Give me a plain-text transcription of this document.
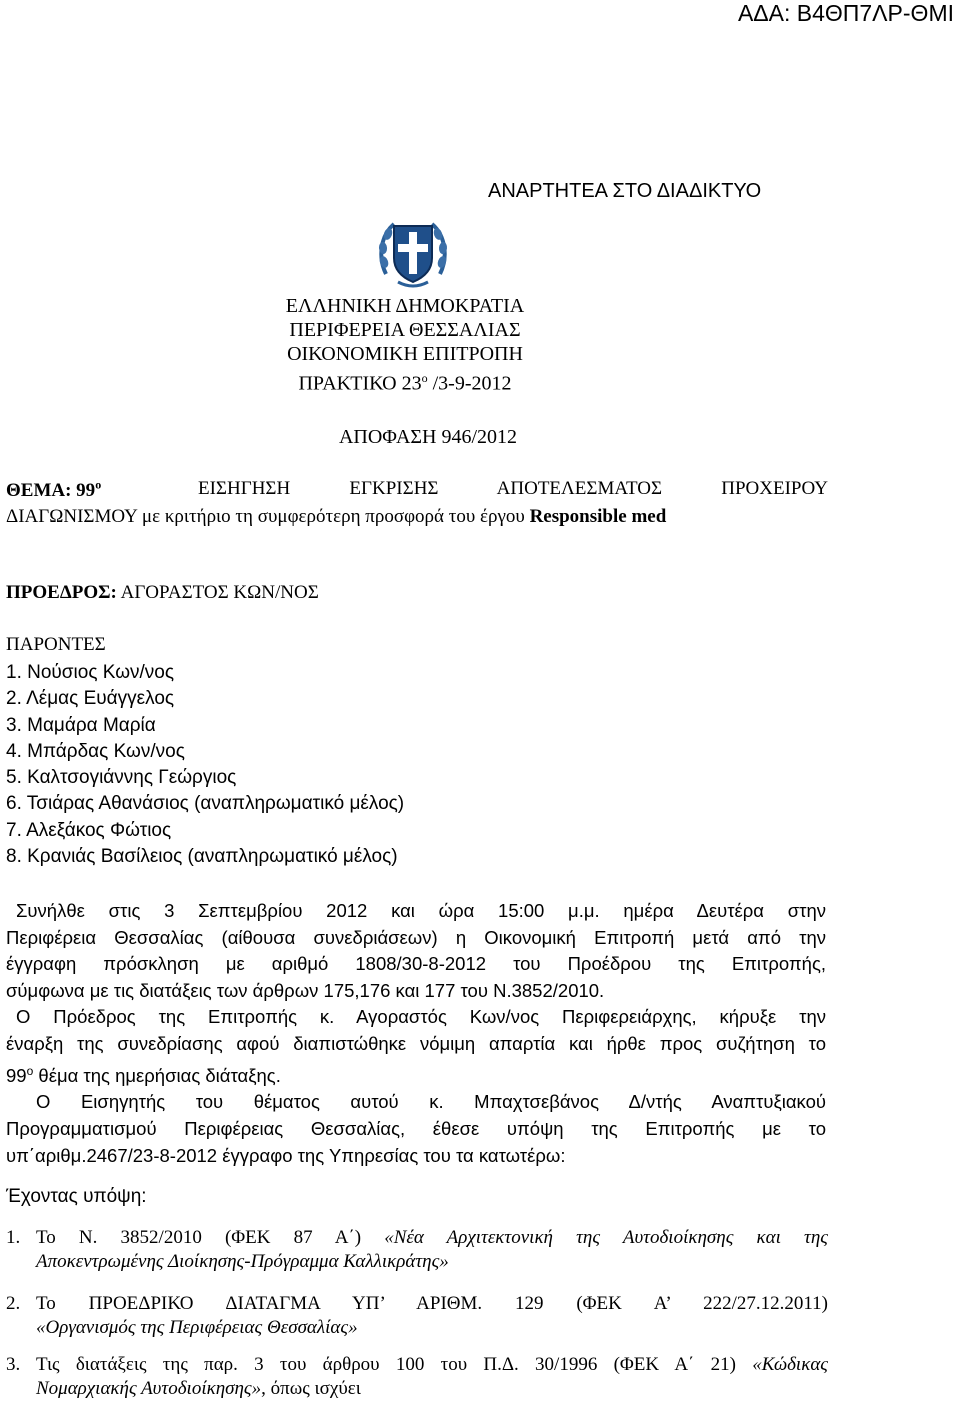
ΑΔΑ: Β4ΘΠ7ΛΡ-ΘΜΙ
ΑΝΑΡΤΗΤΕΑ ΣΤΟ ΔΙΑΔΙΚΤΥΟ
ΕΛΛΗΝΙΚΗ ΔΗΜΟΚΡΑΤΙΑ
ΠΕΡΙΦΕΡΕΙΑ ΘΕΣΣΑΛΙΑΣ
ΟΙΚΟΝΟΜΙΚΗ ΕΠΙΤΡΟΠΗ
ΠΡΑΚΤΙΚΟ $23^o$ /3-9-2012
ΑΠΟΦΑΣΗ 946/2012
ΘΕΜΑ: $99^o$	ΕΙΣΗΓΗΣΗ ΕΓΚΡΙΣΗΣ ΑΠΟΤΕΛΕΣΜΑΤΟΣ ΠΡΟΧΕΙΡΟΥ
ΔΙΑΓΩΝΙΣΜΟΥ με κριτήριο τη συμφερότερη προσφορά του έργου Responsible med
ΠΡΟΕΔΡΟΣ: ΑΓΟΡΑΣΤΟΣ ΚΩΝ/ΝΟΣ
ΠΑΡΟΝΤΕΣ
1. Νούσιος Κων/νος
2. Λέμας Ευάγγελος
3. Μαμάρα Μαρία
4. Μπάρδας Κων/νος
5. Καλτσογιάννης Γεώργιος
6. Τσιάρας Αθανάσιος (αναπληρωματικό μέλος)
7. Αλεξάκος Φώτιος
8. Κρανιάς Βασίλειος (αναπληρωματικό μέλος)
Συνήλθε στις 3 Σεπτεμβρίου 2012 και ώρα 15:00 μ.μ. ημέρα Δευτέρα στην
Περιφέρεια Θεσσαλίας (αίθουσα συνεδριάσεων) η Οικονομική Επιτροπή μετά από την
έγγραφη πρόσκληση με αριθμό 1808/30-8-2012 του Προέδρου της Επιτροπής,
σύμφωνα με τις διατάξεις των άρθρων 175,176 και 177 του Ν.3852/2010.
Ο Πρόεδρος της Επιτροπής κ. Αγοραστός Κων/νος Περιφερειάρχης, κήρυξε την
έναρξη της συνεδρίασης αφού διαπιστώθηκε νόμιμη απαρτία και ήρθε προς συζήτηση το
$99^o$ θέμα της ημερήσιας διάταξης.
Ο Εισηγητής του θέματος αυτού κ. Μπαχτσεβάνος Δ/ντής Αναπτυξιακού
Προγραμματισμού Περιφέρειας Θεσσαλίας, έθεσε υπόψη της Επιτροπής με το
υπ΄αριθμ.2467/23-8-2012 έγγραφο της Υπηρεσίας του τα κατωτέρω:
Έχοντας υπόψη:
1. Το Ν. 3852/2010 (ΦΕΚ 87 Α΄) «Νέα Αρχιτεκτονική της Αυτοδιοίκησης και της
Αποκεντρωμένης Διοίκησης-Πρόγραμμα Καλλικράτης»
2. Το ΠΡΟΕΔΡΙΚΟ ΔΙΑΤΑΓΜΑ ΥΠ’ ΑΡΙΘΜ. 129 (ΦΕΚ Α’ 222/27.12.2011)
«Οργανισμός της Περιφέρειας Θεσσαλίας»
3. Τις διατάξεις της παρ. 3 του άρθρου 100 του Π.Δ. 30/1996 (ΦΕΚ Α΄ 21) «Κώδικας
Νομαρχιακής Αυτοδιοίκησης», όπως ισχύει
